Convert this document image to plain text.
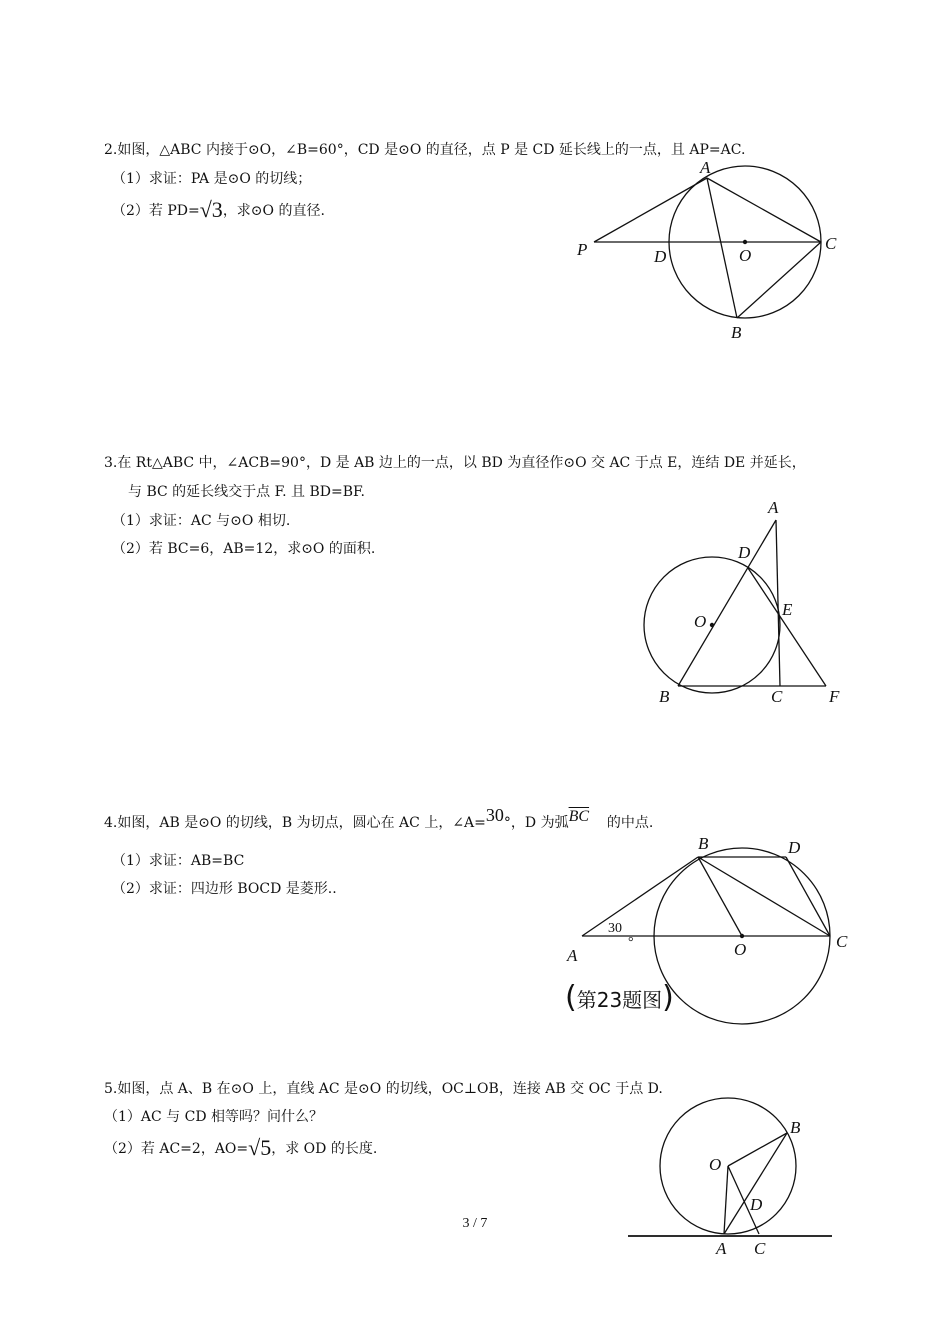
2.如图，△ABC 内接于⊙O，∠B=60°，CD 是⊙O 的直径，点 P 是 CD 延长线上的一点，且 AP=AC.
（1）求证：PA 是⊙O 的切线；
（2）若 PD=√3，求⊙O 的直径.
A
B
C
D	O
P
3.在 Rt△ABC 中，∠ACB=90°，D 是 AB 边上的一点，以 BD 为直径作⊙O 交 AC 于点 E，连结 DE 并延长，
与 BC 的延长线交于点 F. 且 BD=BF.
（1）求证：AC 与⊙O 相切.
（2）若 BC=6，AB=12，求⊙O 的面积.
A
D
E
O
B	C	F
4.如图，AB 是⊙O 的切线，B 为切点，圆心在 AC 上，∠A=30°，D 为弧$\overline{BC}$ 的中点.
（1）求证：AB=BC
（2）求证：四边形 BOCD 是菱形..
B	D
A	O	C
30
°
(第23题图)
5.如图，点 A、B 在⊙O 上，直线 AC 是⊙O 的切线，OC⊥OB，连接 AB 交 OC 于点 D.
（1）AC 与 CD 相等吗？问什么？
（2）若 AC=2，AO=√5，求 OD 的长度.
B
O
D
A C
3 / 7
